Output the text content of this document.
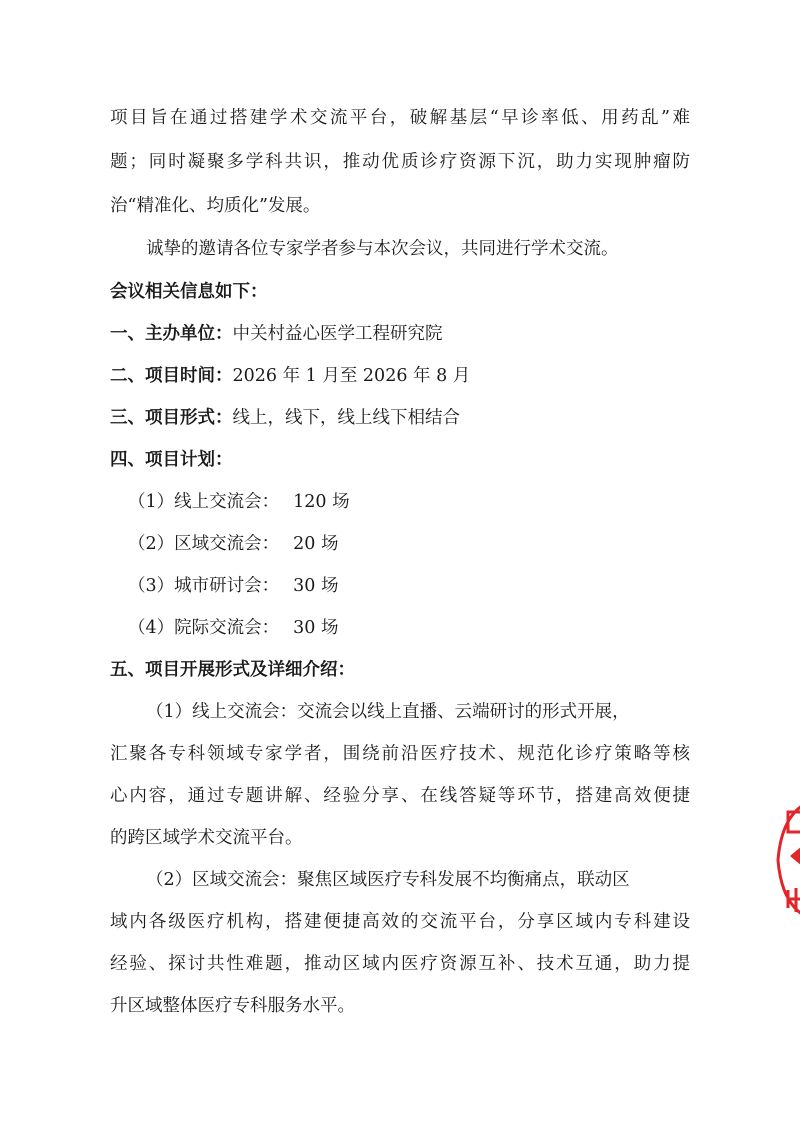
项目旨在通过搭建学术交流平台，破解基层“早诊率低、用药乱”难
题；同时凝聚多学科共识，推动优质诊疗资源下沉，助力实现肿瘤防
治“精准化、均质化”发展。
诚挚的邀请各位专家学者参与本次会议，共同进行学术交流。
会议相关信息如下：
一、主办单位：中关村益心医学工程研究院
二、项目时间：2026 年 1 月至 2026 年 8 月
三、项目形式：线上，线下，线上线下相结合
四、项目计划：
（1）线上交流会： 120 场
（2）区域交流会： 20 场
（3）城市研讨会： 30 场
（4）院际交流会： 30 场
五、项目开展形式及详细介绍：
（1）线上交流会：交流会以线上直播、云端研讨的形式开展，
汇聚各专科领域专家学者，围绕前沿医疗技术、规范化诊疗策略等核
心内容，通过专题讲解、经验分享、在线答疑等环节，搭建高效便捷
的跨区域学术交流平台。
（2）区域交流会：聚焦区域医疗专科发展不均衡痛点，联动区
域内各级医疗机构，搭建便捷高效的交流平台，分享区域内专科建设
经验、探讨共性难题，推动区域内医疗资源互补、技术互通，助力提
升区域整体医疗专科服务水平。
